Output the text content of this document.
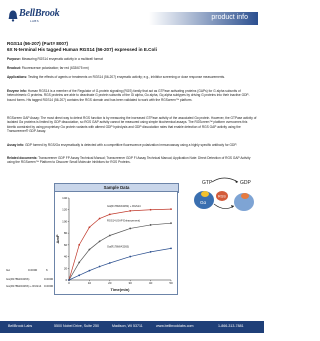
BellBrook
LABS	product info
RGS14 (56-207) (Part# 8007)
6X N-terminal His tagged Human RGS14 (56-207) expressed in E.Coli
Purpose: Measuring RGS14 enzymatic activity in a multiwell format
Readout: Fluorescence polarization; far red (633/675 nm)
Applications: Testing the effects of agents or treatments on RGS14 (56-207) enzymatic activity; e.g., inhibitor screening or dose response measurements.
Enzyme info: Human RGS14 is a member of the Regulator of G-protein signaling (RGS) family that act as GTPase activating proteins (GAPs) for G alpha subunits of heterotrimeric G proteins. RGS proteins are able to deactivate G protein subunits of the Gi alpha, Go alpha, Gq alpha subtypes by driving G proteins into their inactive GDP-bound forms. His tagged RGS14 (56-207) contains the RGS domain and has been validated to work with the RGScreen™ platform.
RGScreen GAP Assay: The most direct way to detect RGS function is by measuring the increased GTPase activity of the associated Gα protein. However, the GTPase activity of isolated Gα proteins is limited by GDP dissociation, so RGS GAP activity cannot be measured using simple biochemical assays. The RGScreen™ platform overcomes this kinetic constraint by using proprietary Gα protein variants with altered GDP hydrolysis and GDP dissociation rates that enable detection of RGS GAP activity using the Transcreener® GDP Assay.
Assay info: GDP formed by RGS/Gα enzymatically is detected with a competitive fluorescence polarization immunoassay using a highly specific antibody for GDP.
Related documents: Transcreener GDP FP Assay Technical Manual; Transcreener GDP FI Assay Technical Manual; Application Note: Direct Detection of RGS GAP Activity using the RGScreen™ Platform to Discover Small Molecule Inhibitors for RGS Proteins.
Sample Data
0	10	20	30	40	50
0
20
40
60
80
100
120
140
Time(min)
ΔmP
Gα(R178M/A326S) + RGS14
RGS14 (GAP Enhancement)
Gα(R178M/A326S)
Gα	0.0000	6
Gαᵢ(R178M/A326S)	0.0000
Gαᵢ(R178M/A326S) + RGS14 0.0000
GTP	GDP
Gα
RGS
BellBrook Labs	5500 Nobel Drive, Suite 250	Madison, WI 53711	www.bellbrooklabs.com	1-866-313-7881
